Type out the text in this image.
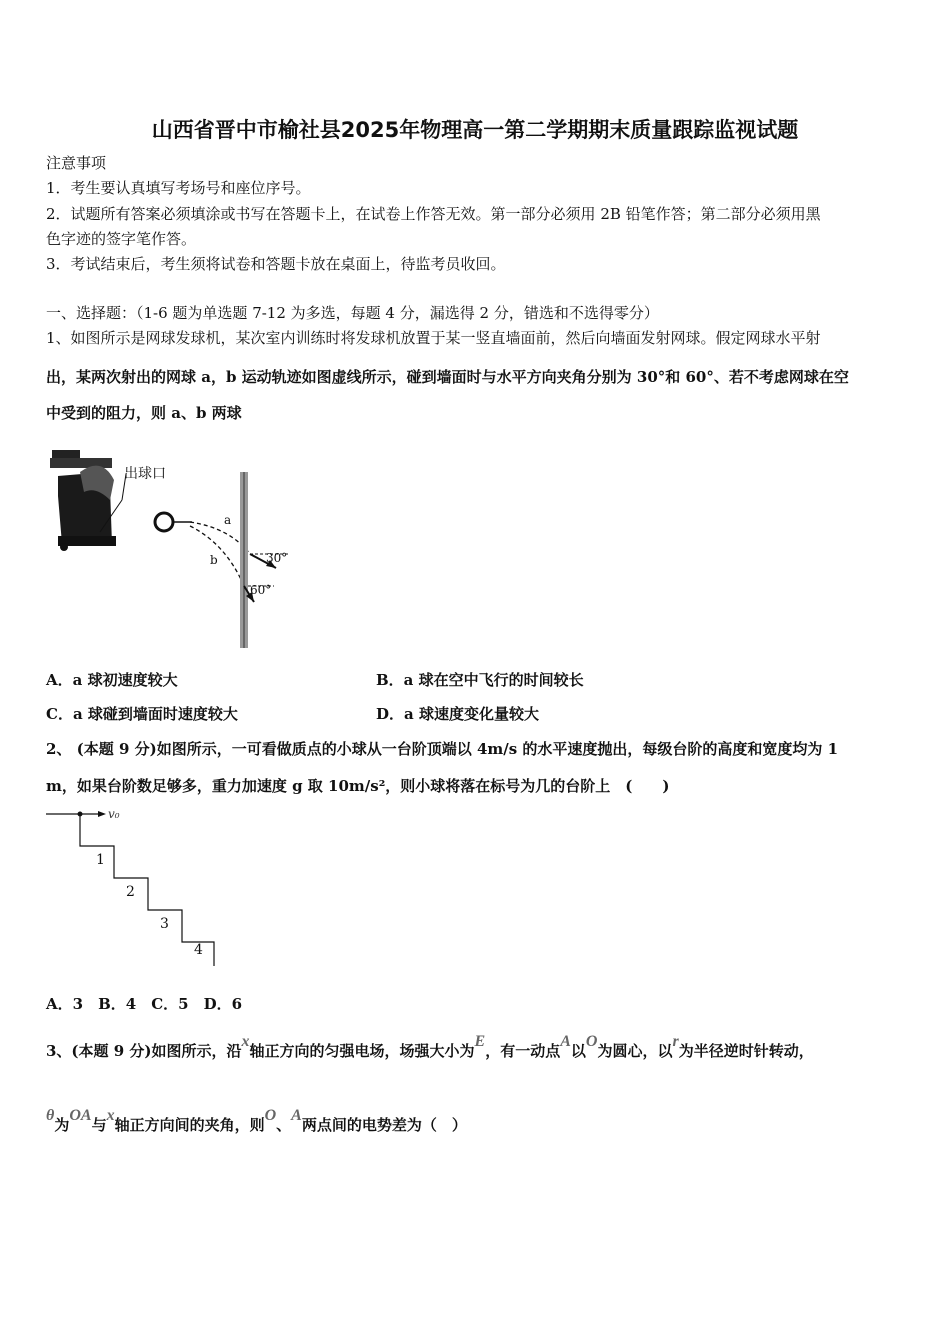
山西省晋中市榆社县2025年物理高一第二学期期末质量跟踪监视试题
注意事项
1．考生要认真填写考场号和座位序号。
2．试题所有答案必须填涂或书写在答题卡上，在试卷上作答无效。第一部分必须用 2B 铅笔作答；第二部分必须用黑
色字迹的签字笔作答。
3．考试结束后，考生须将试卷和答题卡放在桌面上，待监考员收回。
一、选择题：（1-6 题为单选题 7-12 为多选，每题 4 分，漏选得 2 分，错选和不选得零分）
1、如图所示是网球发球机，某次室内训练时将发球机放置于某一竖直墙面前，然后向墙面发射网球。假定网球水平射
出，某两次射出的网球 a，b 运动轨迹如图虚线所示，碰到墙面时与水平方向夹角分别为 30°和 60°、若不考虑网球在空
中受到的阻力，则 a、b 两球
出球口
a
b	30°
60°
A．a 球初速度较大	B．a 球在空中飞行的时间较长
C．a 球碰到墙面时速度较大	D．a 球速度变化量较大
2、 (本题 9 分)如图所示，一可看做质点的小球从一台阶顶端以 4m/s 的水平速度抛出，每级台阶的高度和宽度均为 1
m，如果台阶数足够多，重力加速度 g 取 10m/s²，则小球将落在标号为几的台阶上　(　　)
v₀
1
2
3
4
A．3　B．4　C．5　D．6
3、(本题 9 分)如图所示，沿x轴正方向的匀强电场，场强大小为E，有一动点A以O为圆心，以r为半径逆时针转动，
θ为OA与x轴正方向间的夹角，则O、A两点间的电势差为（　）
